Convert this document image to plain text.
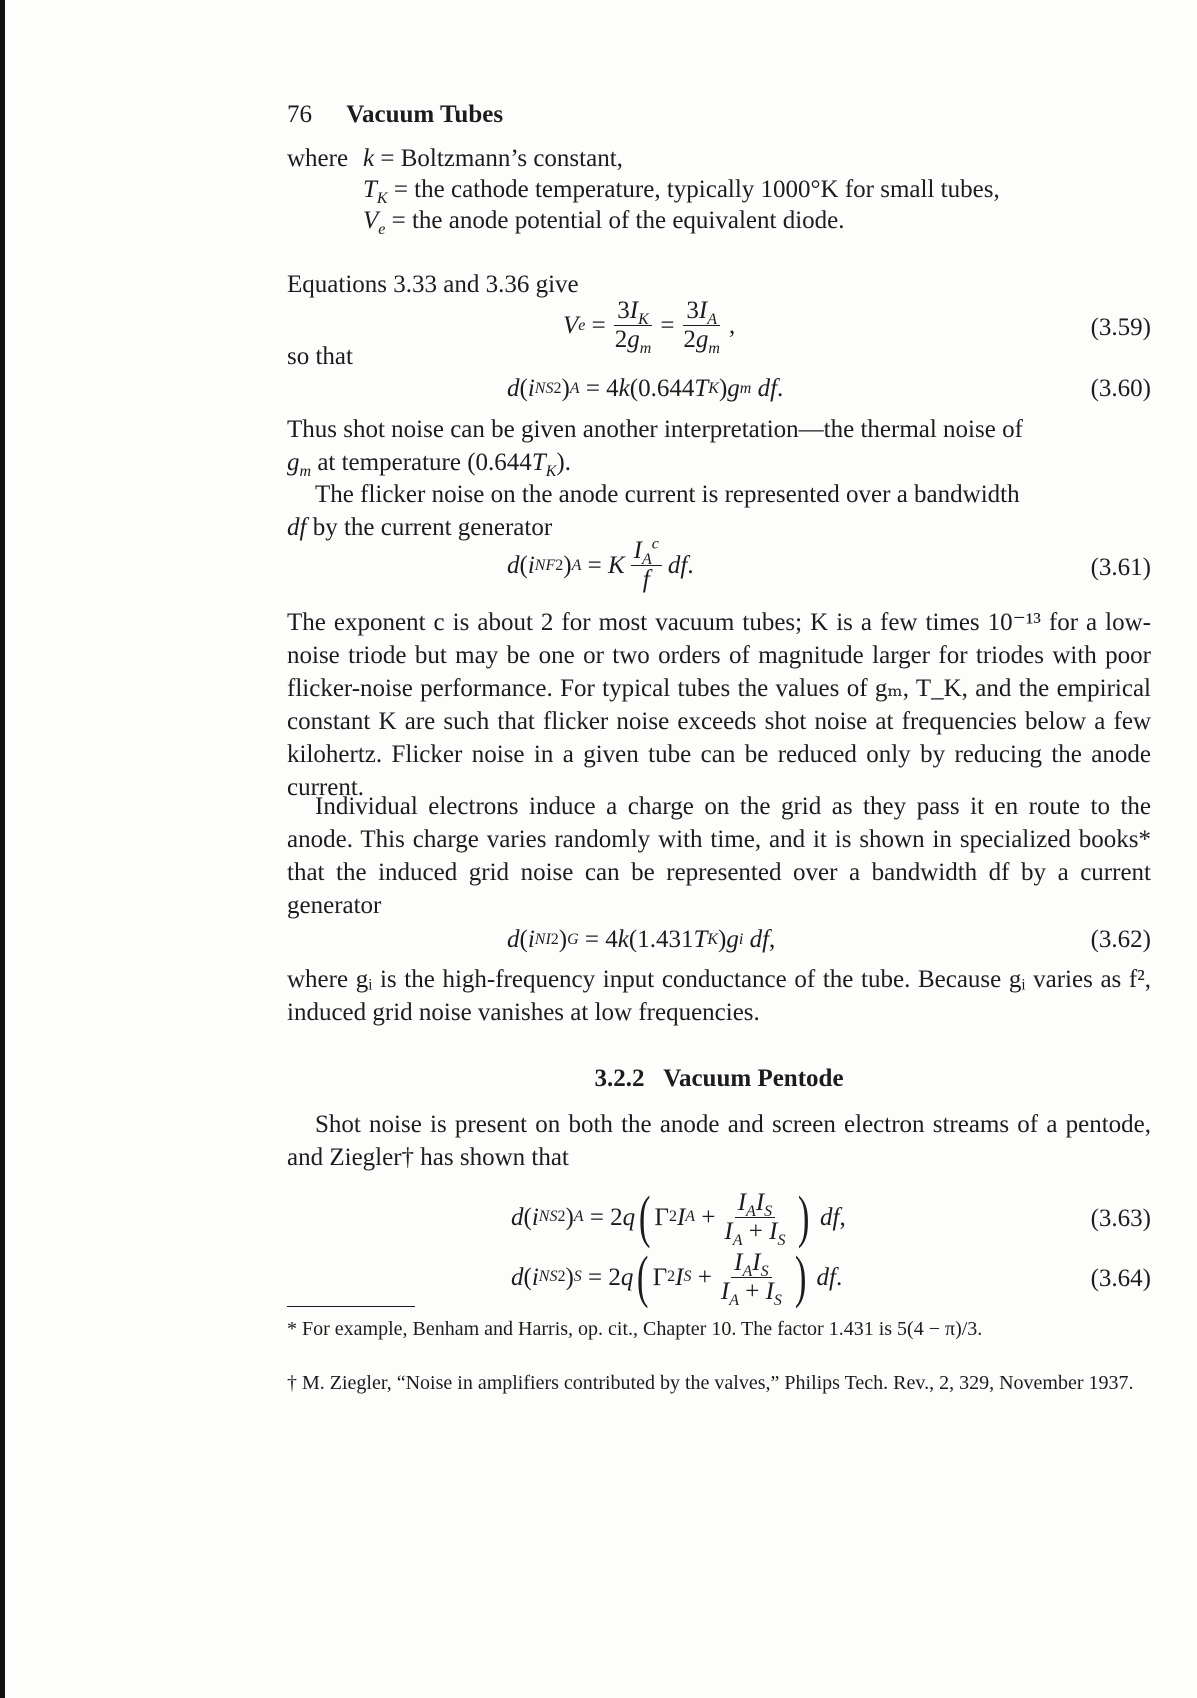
76 Vacuum Tubes
where k = Boltzmann’s constant,
$T_K$ = the cathode temperature, typically 1000°K for small tubes,
$V_e$ = the anode potential of the equivalent diode.
Equations 3.33 and 3.36 give
V $e = \frac{3I_K}{2g_m} = \frac{3I_A}{2g_m}$ ,	(3.59)
so that
d ( i NS 2 ) A = 4 k (0.644 T K ) g m
df .	(3.60)
Thus shot noise can be given another interpretation—the thermal noise of
$g_m$ at temperature $(0.644T_K)$.
The flicker noise on the anode current is represented over a bandwidth
df by the current generator
d ( i NF 2 ) A = K $\frac{I_A^c}{f}$ df .	(3.61)
The exponent c is about 2 for most vacuum tubes; K is a few times 10⁻¹³ for a low-noise triode but may be one or two orders of magnitude larger for triodes with poor flicker-noise performance. For typical tubes the values of gₘ, T_K, and the empirical constant K are such that flicker noise exceeds shot noise at frequencies below a few kilohertz. Flicker noise in a given tube can be reduced only by reducing the anode current.
Individual electrons induce a charge on the grid as they pass it en route to the anode. This charge varies randomly with time, and it is shown in specialized books* that the induced grid noise can be represented over a bandwidth df by a current generator
d ( i NI 2 ) G = 4 k (1.431 T K ) g i
df ,	(3.62)
where gᵢ is the high-frequency input conductance of the tube. Because gᵢ varies as f², induced grid noise vanishes at low frequencies.
3.2.2 Vacuum Pentode
Shot noise is present on both the anode and screen electron streams of a pentode, and Ziegler† has shown that
d ( i NS 2 ) A = 2 q ( Γ 2 I $A + \frac{I_AI_S}{I_A + I_S}$ )
df ,	(3.63)
d ( i NS 2 ) S = 2 q ( Γ 2 I $S + \frac{I_AI_S}{I_A + I_S}$ )
df .	(3.64)
* For example, Benham and Harris, op. cit., Chapter 10. The factor 1.431 is 5(4 − π)/3.
† M. Ziegler, “Noise in amplifiers contributed by the valves,” Philips Tech. Rev., 2, 329, November 1937.
